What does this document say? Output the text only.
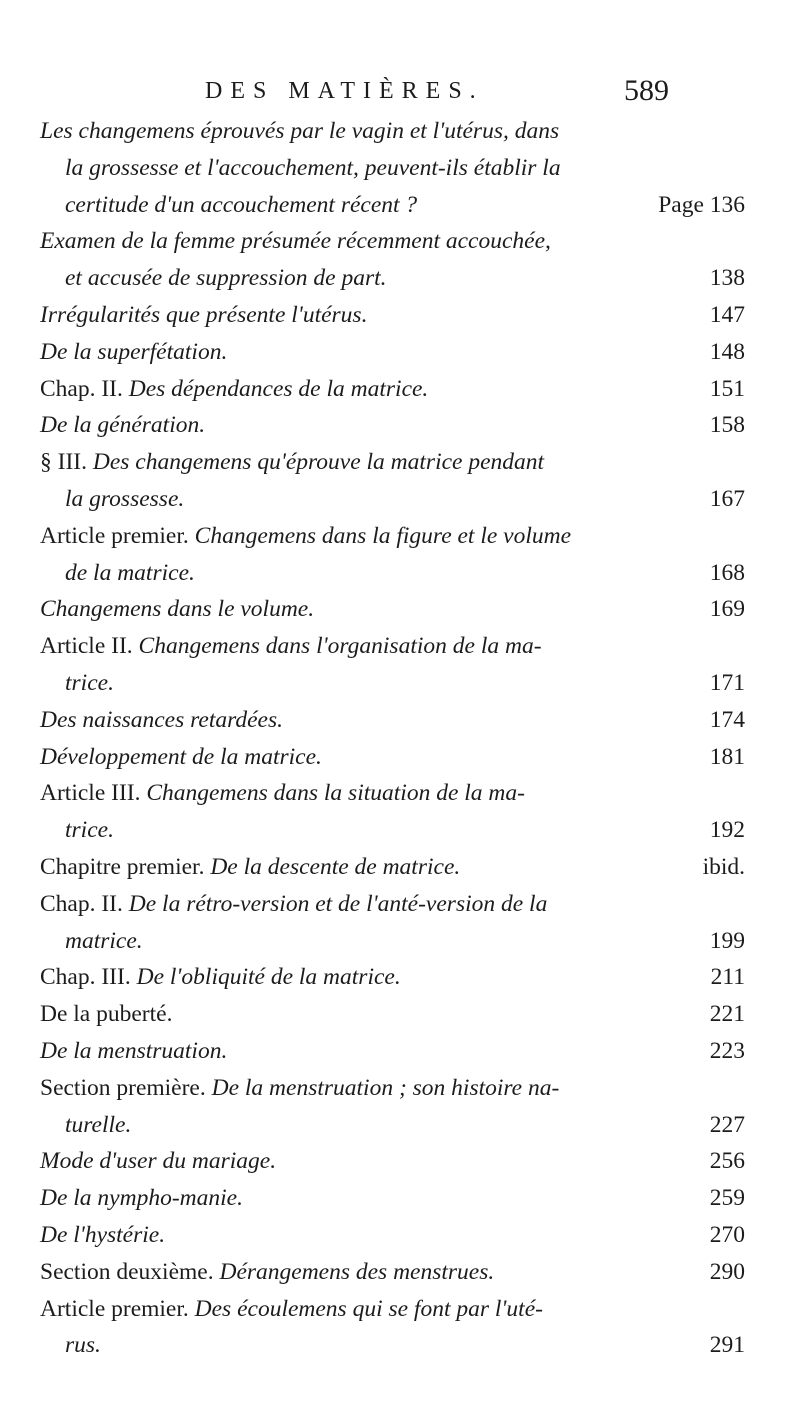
DES MATIÈRES.	589
Les changemens éprouvés par le vagin et l'utérus, dans
la grossesse et l'accouchement, peuvent-ils établir la
certitude d'un accouchement récent ?	Page 136
Examen de la femme présumée récemment accouchée,
et accusée de suppression de part.	138
Irrégularités que présente l'utérus.	147
De la superfétation.	148
Chap. II. Des dépendances de la matrice.	151
De la génération.	158
§ III. Des changemens qu'éprouve la matrice pendant
la grossesse.	167
Article premier. Changemens dans la figure et le volume
de la matrice.	168
Changemens dans le volume.	169
Article II. Changemens dans l'organisation de la ma-
trice.	171
Des naissances retardées.	174
Développement de la matrice.	181
Article III. Changemens dans la situation de la ma-
trice.	192
Chapitre premier. De la descente de matrice.	ibid.
Chap. II. De la rétro-version et de l'anté-version de la
matrice.	199
Chap. III. De l'obliquité de la matrice.	211
De la puberté.	221
De la menstruation.	223
Section première. De la menstruation ; son histoire na-
turelle.	227
Mode d'user du mariage.	256
De la nympho-manie.	259
De l'hystérie.	270
Section deuxième. Dérangemens des menstrues.	290
Article premier. Des écoulemens qui se font par l'uté-
rus.	291
